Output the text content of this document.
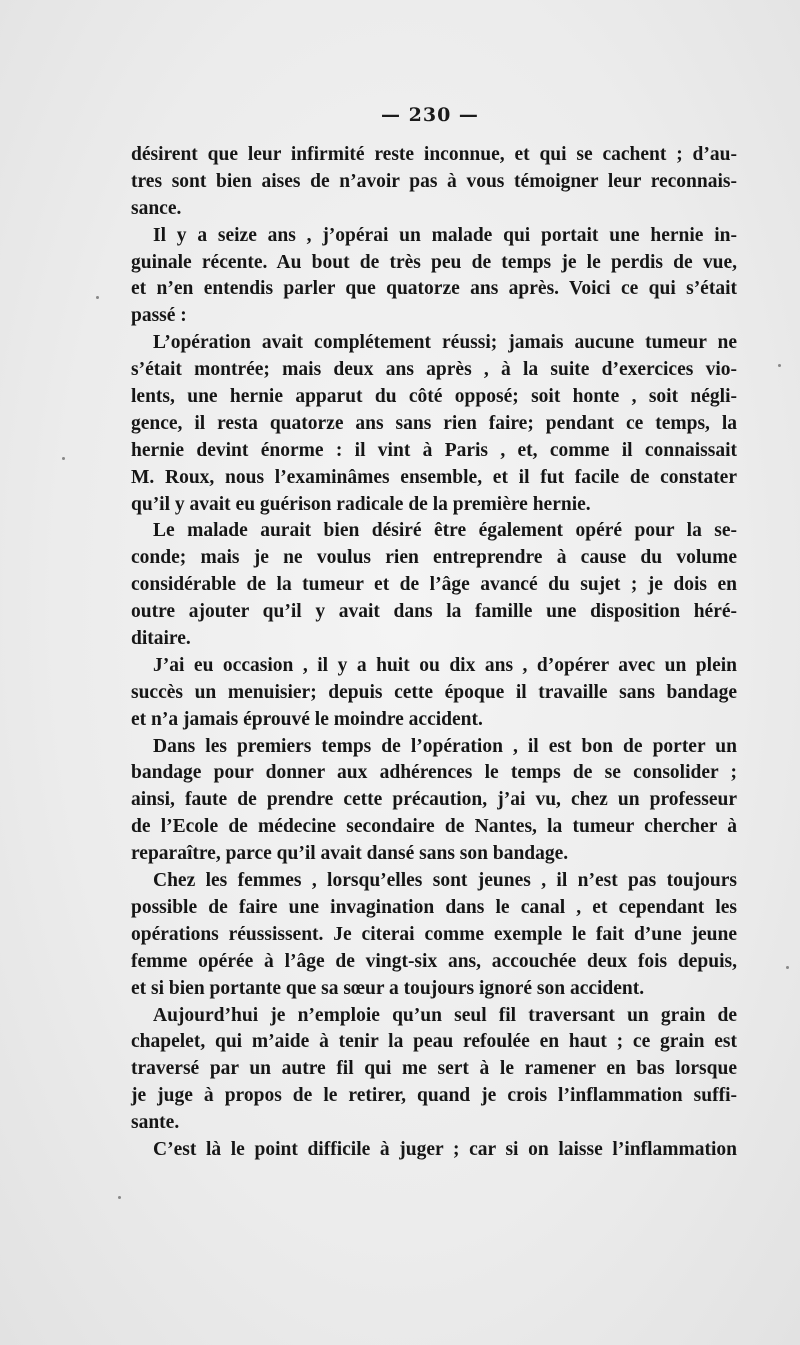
— 230 —
désirent que leur infirmité reste inconnue, et qui se cachent ; d’au-
tres sont bien aises de n’avoir pas à vous témoigner leur reconnais-
sance.
Il y a seize ans , j’opérai un malade qui portait une hernie in-
guinale récente. Au bout de très peu de temps je le perdis de vue,
et n’en entendis parler que quatorze ans après. Voici ce qui s’était
passé :
L’opération avait complétement réussi; jamais aucune tumeur ne
s’était montrée; mais deux ans après , à la suite d’exercices vio-
lents, une hernie apparut du côté opposé; soit honte , soit négli-
gence, il resta quatorze ans sans rien faire; pendant ce temps, la
hernie devint énorme : il vint à Paris , et, comme il connaissait
M. Roux, nous l’examinâmes ensemble, et il fut facile de constater
qu’il y avait eu guérison radicale de la première hernie.
Le malade aurait bien désiré être également opéré pour la se-
conde; mais je ne voulus rien entreprendre à cause du volume
considérable de la tumeur et de l’âge avancé du sujet ; je dois en
outre ajouter qu’il y avait dans la famille une disposition héré-
ditaire.
J’ai eu occasion , il y a huit ou dix ans , d’opérer avec un plein
succès un menuisier; depuis cette époque il travaille sans bandage
et n’a jamais éprouvé le moindre accident.
Dans les premiers temps de l’opération , il est bon de porter un
bandage pour donner aux adhérences le temps de se consolider ;
ainsi, faute de prendre cette précaution, j’ai vu, chez un professeur
de l’Ecole de médecine secondaire de Nantes, la tumeur chercher à
reparaître, parce qu’il avait dansé sans son bandage.
Chez les femmes , lorsqu’elles sont jeunes , il n’est pas toujours
possible de faire une invagination dans le canal , et cependant les
opérations réussissent. Je citerai comme exemple le fait d’une jeune
femme opérée à l’âge de vingt-six ans, accouchée deux fois depuis,
et si bien portante que sa sœur a toujours ignoré son accident.
Aujourd’hui je n’emploie qu’un seul fil traversant un grain de
chapelet, qui m’aide à tenir la peau refoulée en haut ; ce grain est
traversé par un autre fil qui me sert à le ramener en bas lorsque
je juge à propos de le retirer, quand je crois l’inflammation suffi-
sante.
C’est là le point difficile à juger ; car si on laisse l’inflammation
